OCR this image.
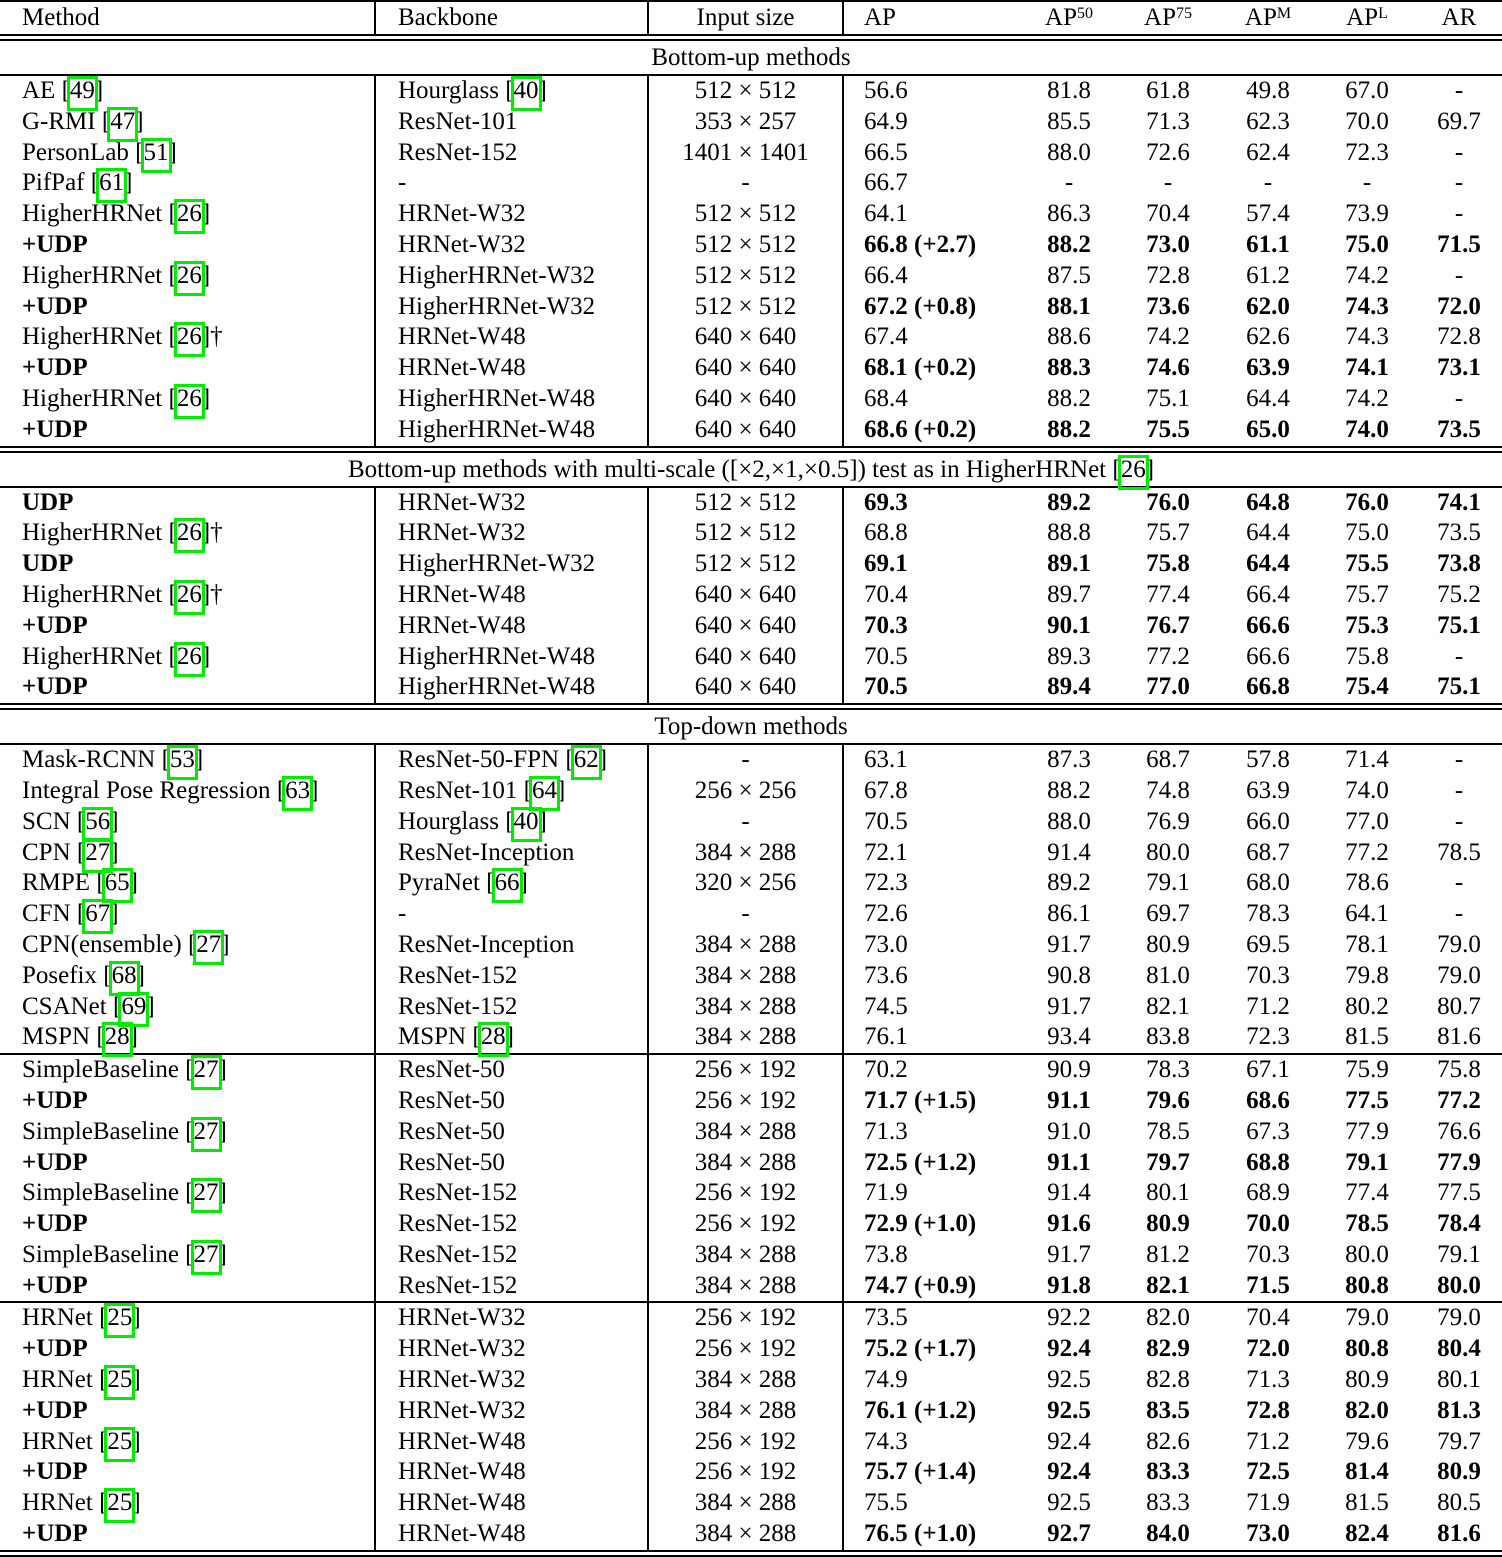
Method	Backbone	Input size	AP	AP$^{50}$	AP$^{75}$	$AP^M$	$AP^L$	AR
Bottom-up methods								
AE [49]	Hourglass [40]	512 × 512	56.6	81.8	61.8	49.8	67.0	-
G-RMI [47]	ResNet-101	353 × 257	64.9	85.5	71.3	62.3	70.0	69.7
PersonLab [51]	ResNet-152	1401 × 1401	66.5	88.0	72.6	62.4	72.3	-
PifPaf [61]	-	-	66.7	-	-	-	-	-
HigherHRNet [26]	HRNet-W32	512 × 512	64.1	86.3	70.4	57.4	73.9	-
+UDP	HRNet-W32	512 × 512	66.8 (+2.7)	88.2	73.0	61.1	75.0	71.5
HigherHRNet [26]	HigherHRNet-W32	512 × 512	66.4	87.5	72.8	61.2	74.2	-
+UDP	HigherHRNet-W32	512 × 512	67.2 (+0.8)	88.1	73.6	62.0	74.3	72.0
HigherHRNet [26]†	HRNet-W48	640 × 640	67.4	88.6	74.2	62.6	74.3	72.8
+UDP	HRNet-W48	640 × 640	68.1 (+0.2)	88.3	74.6	63.9	74.1	73.1
HigherHRNet [26]	HigherHRNet-W48	640 × 640	68.4	88.2	75.1	64.4	74.2	-
+UDP	HigherHRNet-W48	640 × 640	68.6 (+0.2)	88.2	75.5	65.0	74.0	73.5
Bottom-up methods with multi-scale ([×2,×1,×0.5]) test as in HigherHRNet [26]								
UDP	HRNet-W32	512 × 512	69.3	89.2	76.0	64.8	76.0	74.1
HigherHRNet [26]†	HRNet-W32	512 × 512	68.8	88.8	75.7	64.4	75.0	73.5
UDP	HigherHRNet-W32	512 × 512	69.1	89.1	75.8	64.4	75.5	73.8
HigherHRNet [26]†	HRNet-W48	640 × 640	70.4	89.7	77.4	66.4	75.7	75.2
+UDP	HRNet-W48	640 × 640	70.3	90.1	76.7	66.6	75.3	75.1
HigherHRNet [26]	HigherHRNet-W48	640 × 640	70.5	89.3	77.2	66.6	75.8	-
+UDP	HigherHRNet-W48	640 × 640	70.5	89.4	77.0	66.8	75.4	75.1
Top-down methods								
Mask-RCNN [53]	ResNet-50-FPN [62]	-	63.1	87.3	68.7	57.8	71.4	-
Integral Pose Regression [63]	ResNet-101 [64]	256 × 256	67.8	88.2	74.8	63.9	74.0	-
SCN [56]	Hourglass [40]	-	70.5	88.0	76.9	66.0	77.0	-
CPN [27]	ResNet-Inception	384 × 288	72.1	91.4	80.0	68.7	77.2	78.5
RMPE [65]	PyraNet [66]	320 × 256	72.3	89.2	79.1	68.0	78.6	-
CFN [67]	-	-	72.6	86.1	69.7	78.3	64.1	-
CPN(ensemble) [27]	ResNet-Inception	384 × 288	73.0	91.7	80.9	69.5	78.1	79.0
Posefix [68]	ResNet-152	384 × 288	73.6	90.8	81.0	70.3	79.8	79.0
CSANet [69]	ResNet-152	384 × 288	74.5	91.7	82.1	71.2	80.2	80.7
MSPN [28]	MSPN [28]	384 × 288	76.1	93.4	83.8	72.3	81.5	81.6
SimpleBaseline [27]	ResNet-50	256 × 192	70.2	90.9	78.3	67.1	75.9	75.8
+UDP	ResNet-50	256 × 192	71.7 (+1.5)	91.1	79.6	68.6	77.5	77.2
SimpleBaseline [27]	ResNet-50	384 × 288	71.3	91.0	78.5	67.3	77.9	76.6
+UDP	ResNet-50	384 × 288	72.5 (+1.2)	91.1	79.7	68.8	79.1	77.9
SimpleBaseline [27]	ResNet-152	256 × 192	71.9	91.4	80.1	68.9	77.4	77.5
+UDP	ResNet-152	256 × 192	72.9 (+1.0)	91.6	80.9	70.0	78.5	78.4
SimpleBaseline [27]	ResNet-152	384 × 288	73.8	91.7	81.2	70.3	80.0	79.1
+UDP	ResNet-152	384 × 288	74.7 (+0.9)	91.8	82.1	71.5	80.8	80.0
HRNet [25]	HRNet-W32	256 × 192	73.5	92.2	82.0	70.4	79.0	79.0
+UDP	HRNet-W32	256 × 192	75.2 (+1.7)	92.4	82.9	72.0	80.8	80.4
HRNet [25]	HRNet-W32	384 × 288	74.9	92.5	82.8	71.3	80.9	80.1
+UDP	HRNet-W32	384 × 288	76.1 (+1.2)	92.5	83.5	72.8	82.0	81.3
HRNet [25]	HRNet-W48	256 × 192	74.3	92.4	82.6	71.2	79.6	79.7
+UDP	HRNet-W48	256 × 192	75.7 (+1.4)	92.4	83.3	72.5	81.4	80.9
HRNet [25]	HRNet-W48	384 × 288	75.5	92.5	83.3	71.9	81.5	80.5
+UDP	HRNet-W48	384 × 288	76.5 (+1.0)	92.7	84.0	73.0	82.4	81.6
